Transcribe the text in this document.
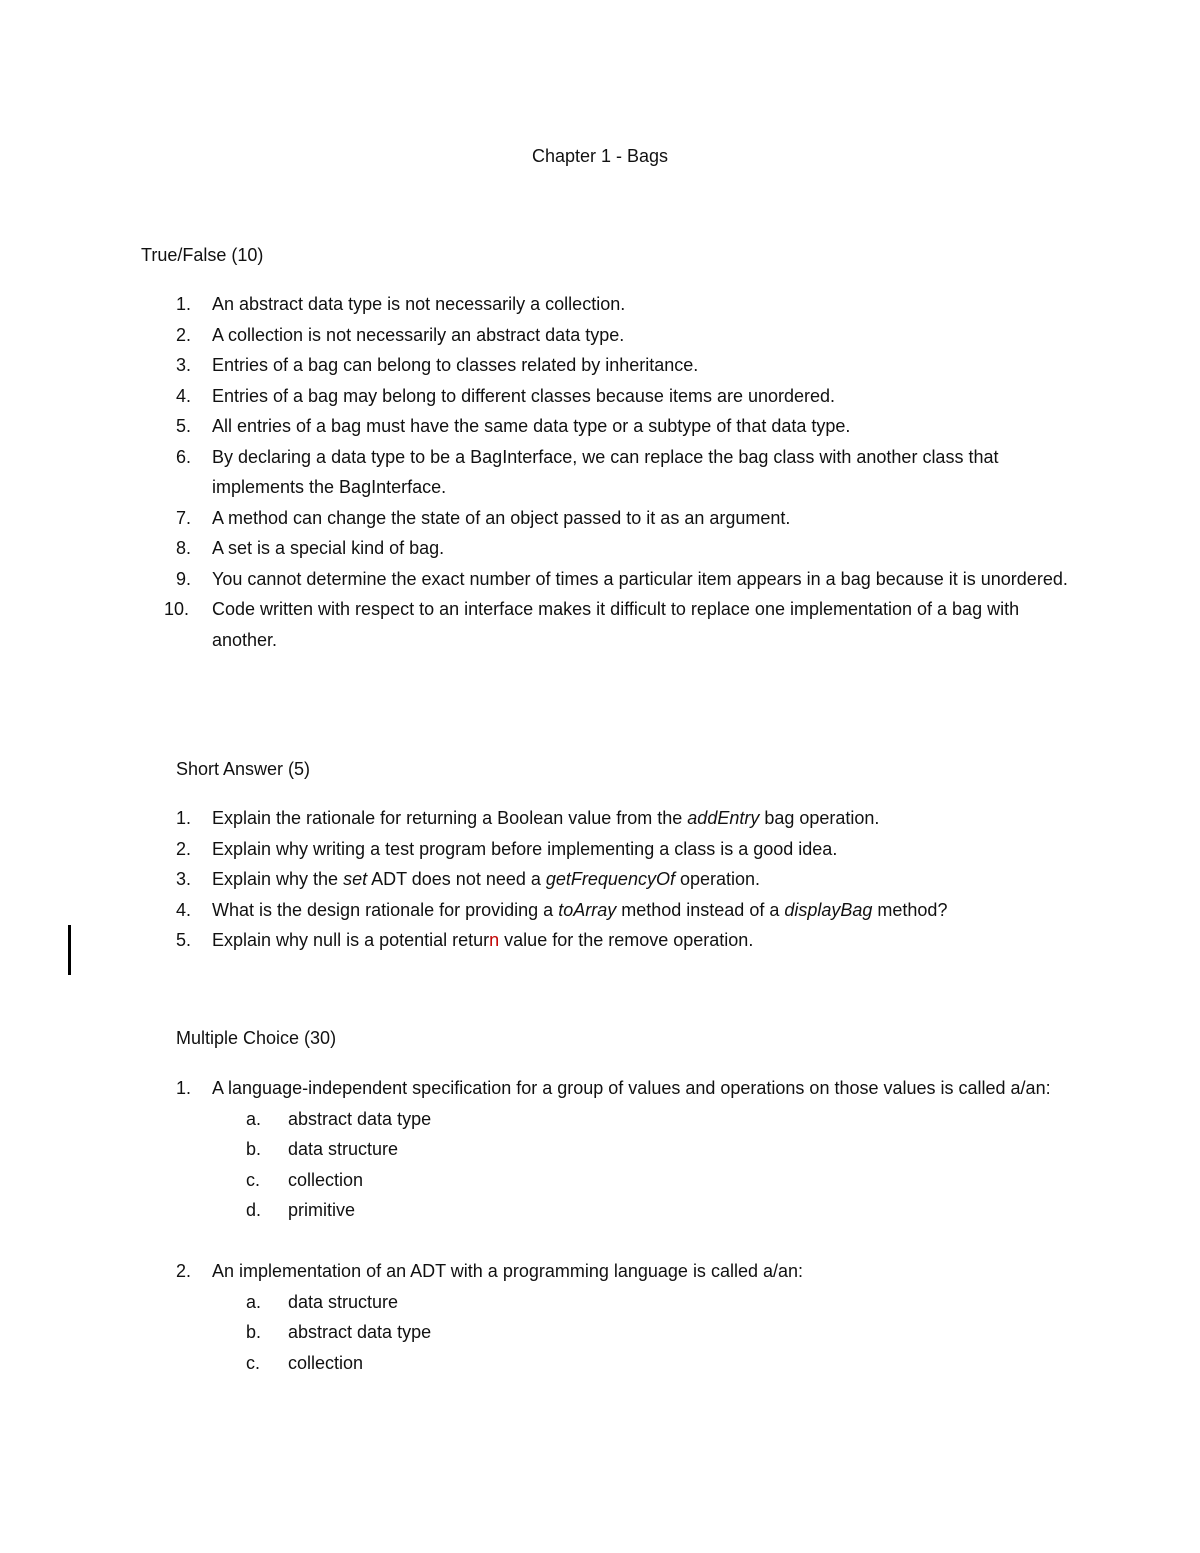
Chapter 1 - Bags
True/False (10)
1.	An abstract data type is not necessarily a collection.
2.	A collection is not necessarily an abstract data type.
3.	Entries of a bag can belong to classes related by inheritance.
4.	Entries of a bag may belong to different classes because items are unordered.
5.	All entries of a bag must have the same data type or a subtype of that data type.
6.	By declaring a data type to be a BagInterface, we can replace the bag class with another class that implements the BagInterface.
7.	A method can change the state of an object passed to it as an argument.
8.	A set is a special kind of bag.
9.	You cannot determine the exact number of times a particular item appears in a bag because it is unordered.
10.	Code written with respect to an interface makes it difficult to replace one implementation of a bag with another.
Short Answer (5)
1.	Explain the rationale for returning a Boolean value from the addEntry bag operation.
2.	Explain why writing a test program before implementing a class is a good idea.
3.	Explain why the set ADT does not need a getFrequencyOf operation.
4.	What is the design rationale for providing a toArray method instead of a displayBag method?
5.	Explain why null is a potential return value for the remove operation.
Multiple Choice (30)
1.	A language-independent specification for a group of values and operations on those values is called a/an:
a. abstract data type
b. data structure
c. collection
d. primitive
2.	An implementation of an ADT with a programming language is called a/an:
a. data structure
b. abstract data type
c. collection
